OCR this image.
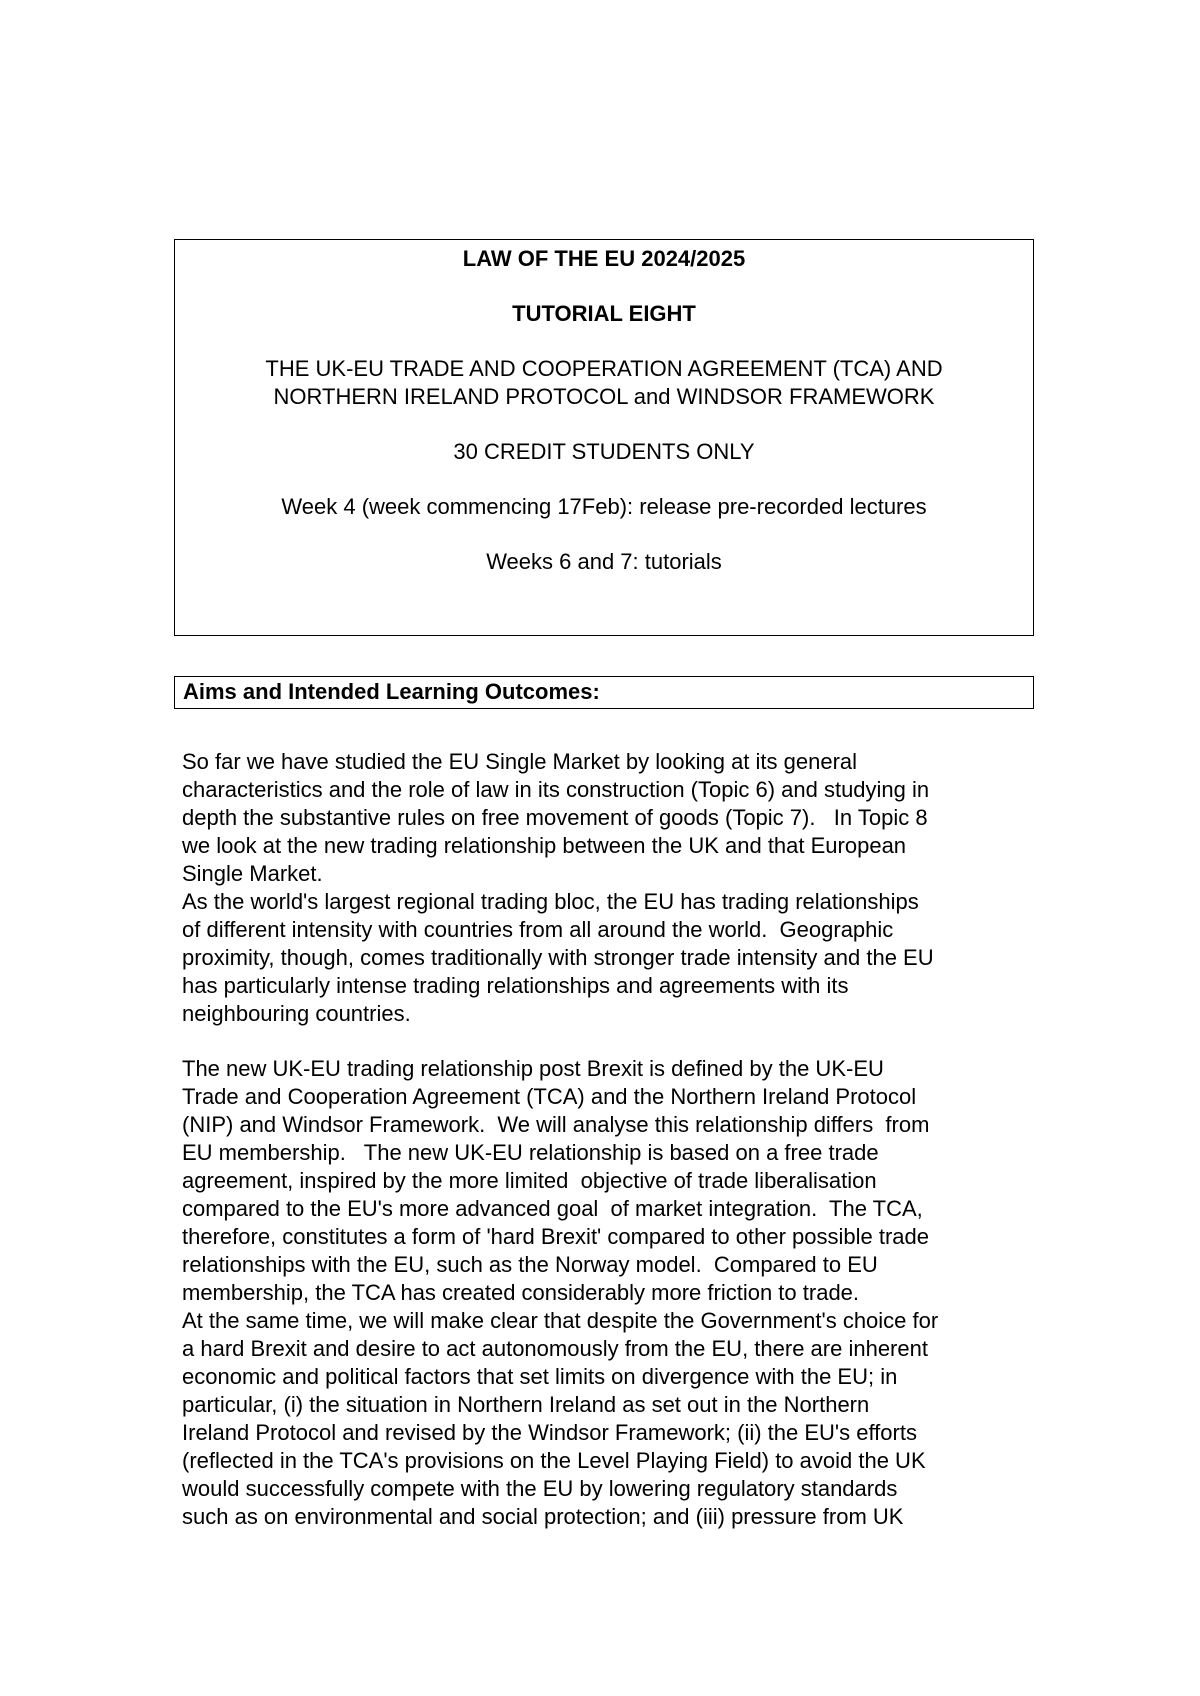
LAW OF THE EU 2024/2025

TUTORIAL EIGHT

THE UK-EU TRADE AND COOPERATION AGREEMENT (TCA) AND
NORTHERN IRELAND PROTOCOL and WINDSOR FRAMEWORK

30 CREDIT STUDENTS ONLY

Week 4 (week commencing 17Feb): release pre-recorded lectures

Weeks 6 and 7: tutorials

Aims and Intended Learning Outcomes:
So far we have studied the EU Single Market by looking at its general
characteristics and the role of law in its construction (Topic 6) and studying in
depth the substantive rules on free movement of goods (Topic 7).   In Topic 8
we look at the new trading relationship between the UK and that European
Single Market.
As the world's largest regional trading bloc, the EU has trading relationships
of different intensity with countries from all around the world.  Geographic
proximity, though, comes traditionally with stronger trade intensity and the EU
has particularly intense trading relationships and agreements with its
neighbouring countries.
The new UK-EU trading relationship post Brexit is defined by the UK-EU
Trade and Cooperation Agreement (TCA) and the Northern Ireland Protocol
(NIP) and Windsor Framework.  We will analyse this relationship differs  from
EU membership.   The new UK-EU relationship is based on a free trade
agreement, inspired by the more limited  objective of trade liberalisation
compared to the EU's more advanced goal  of market integration.  The TCA,
therefore, constitutes a form of 'hard Brexit' compared to other possible trade
relationships with the EU, such as the Norway model.  Compared to EU
membership, the TCA has created considerably more friction to trade.
At the same time, we will make clear that despite the Government's choice for
a hard Brexit and desire to act autonomously from the EU, there are inherent
economic and political factors that set limits on divergence with the EU; in
particular, (i) the situation in Northern Ireland as set out in the Northern
Ireland Protocol and revised by the Windsor Framework; (ii) the EU's efforts
(reflected in the TCA's provisions on the Level Playing Field) to avoid the UK
would successfully compete with the EU by lowering regulatory standards
such as on environmental and social protection; and (iii) pressure from UK
